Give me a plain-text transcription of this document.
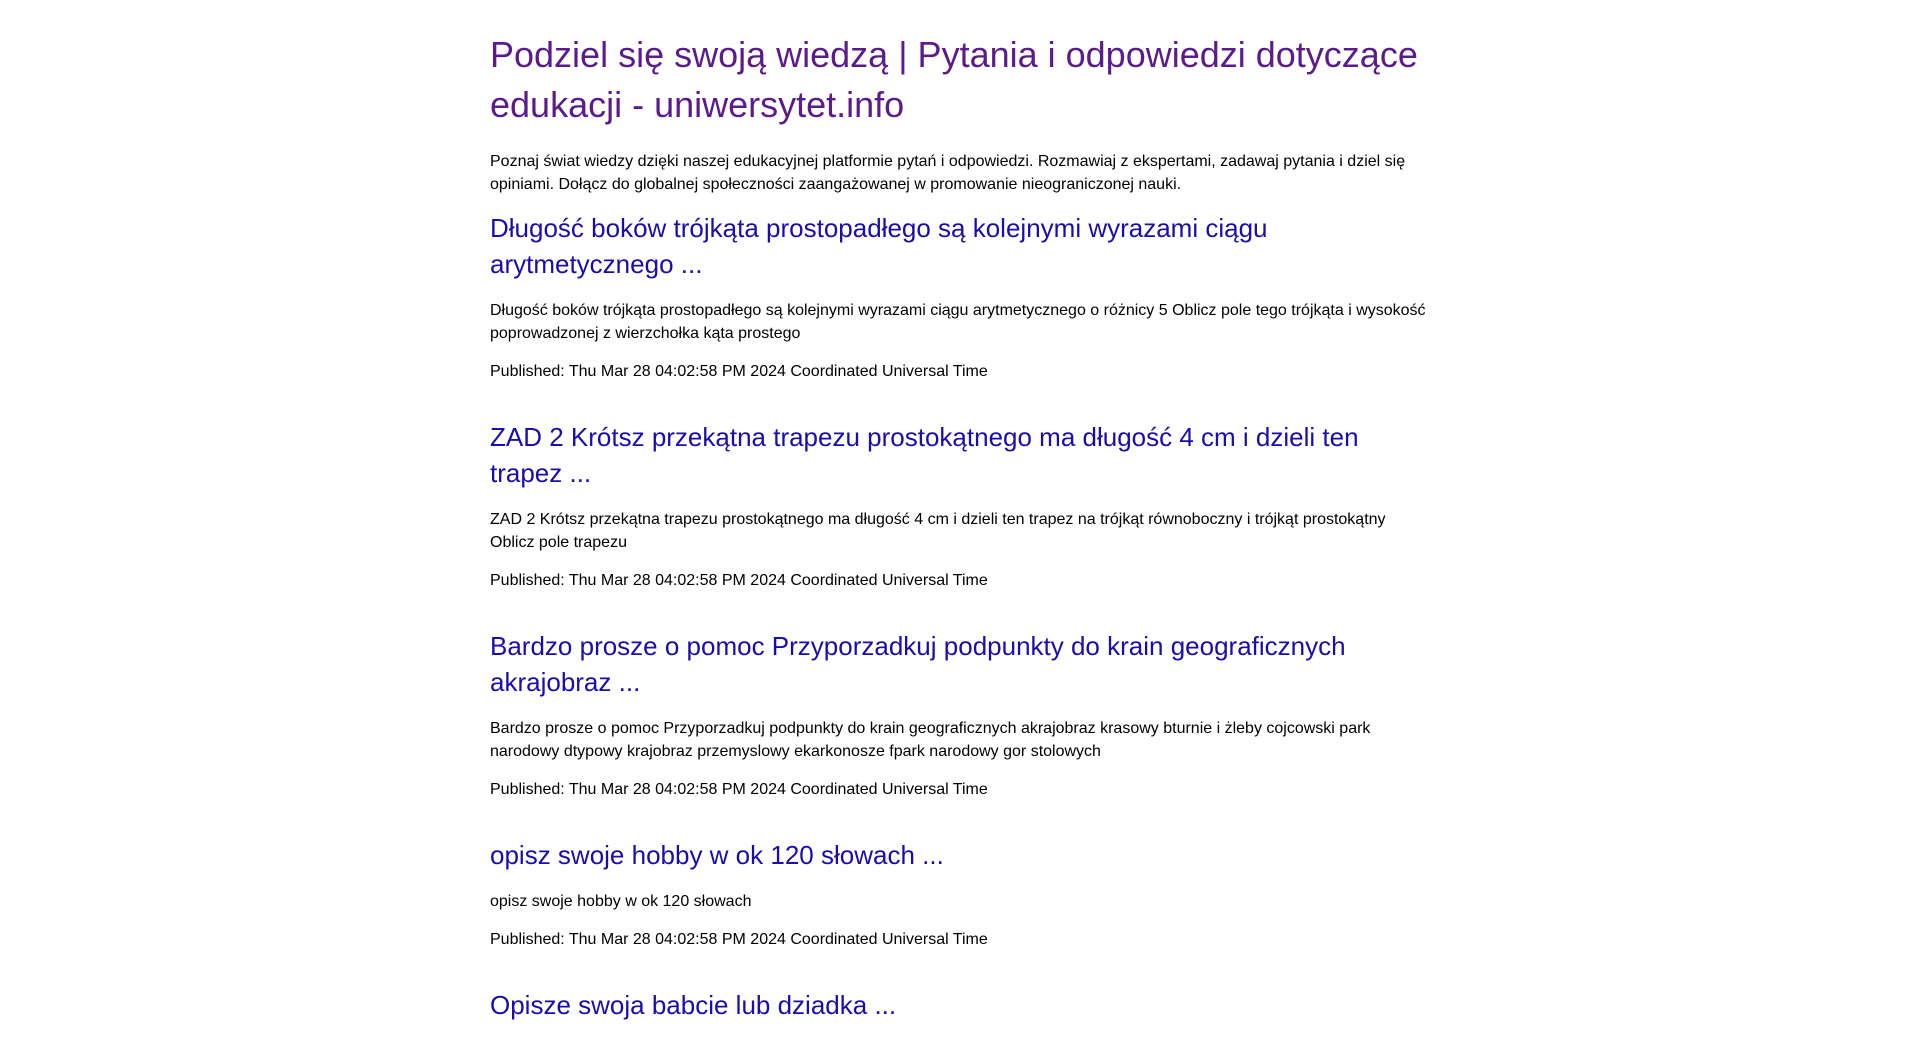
Podziel się swoją wiedzą | Pytania i odpowiedzi dotyczące edukacji - uniwersytet.info

Poznaj świat wiedzy dzięki naszej edukacyjnej platformie pytań i odpowiedzi. Rozmawiaj z ekspertami, zadawaj pytania i dziel się opiniami. Dołącz do globalnej społeczności zaangażowanej w promowanie nieograniczonej nauki.

Długość boków trójkąta prostopadłego są kolejnymi wyrazami ciągu arytmetycznego ...

Długość boków trójkąta prostopadłego są kolejnymi wyrazami ciągu arytmetycznego o różnicy 5 Oblicz pole tego trójkąta i wysokość poprowadzonej z wierzchołka kąta prostego

Published: Thu Mar 28 04:02:58 PM 2024 Coordinated Universal Time

ZAD 2 Krótsz przekątna trapezu prostokątnego ma długość 4 cm i dzieli ten trapez ...

ZAD 2 Krótsz przekątna trapezu prostokątnego ma długość 4 cm i dzieli ten trapez na trójkąt równoboczny i trójkąt prostokątny Oblicz pole trapezu

Published: Thu Mar 28 04:02:58 PM 2024 Coordinated Universal Time

Bardzo prosze o pomoc Przyporzadkuj podpunkty do krain geograficznych akrajobraz ...

Bardzo prosze o pomoc Przyporzadkuj podpunkty do krain geograficznych akrajobraz krasowy bturnie i żleby cojcowski park narodowy dtypowy krajobraz przemyslowy ekarkonosze fpark narodowy gor stolowych

Published: Thu Mar 28 04:02:58 PM 2024 Coordinated Universal Time

opisz swoje hobby w ok 120 słowach ...

opisz swoje hobby w ok 120 słowach

Published: Thu Mar 28 04:02:58 PM 2024 Coordinated Universal Time

Opisze swoja babcie lub dziadka ...
